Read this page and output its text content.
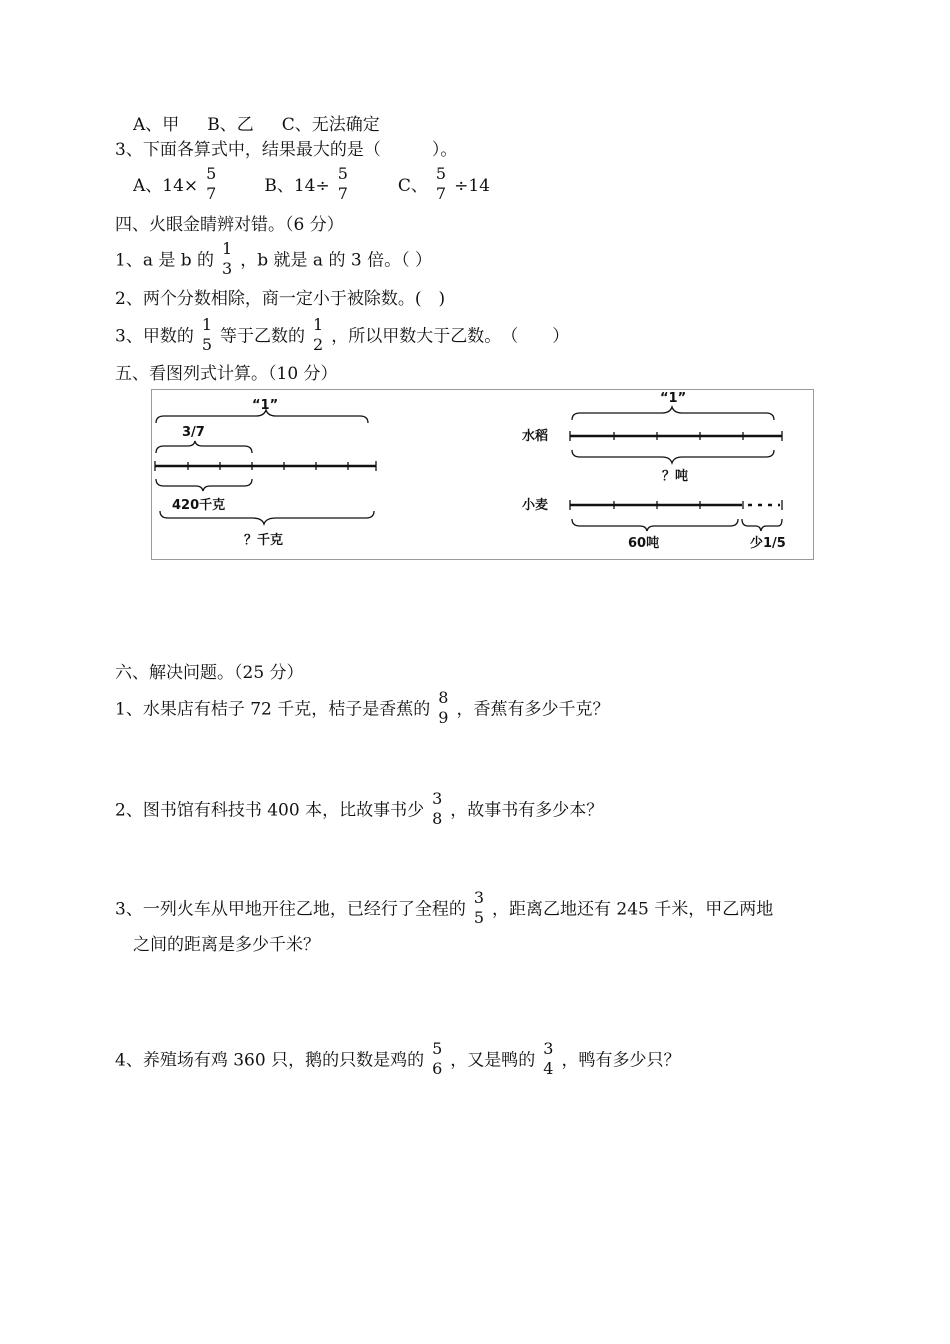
A、甲 B、乙 C、无法确定
3、下面各算式中，结果最大的是（　　　）。
A、14×
5
7	B、14÷
5
7	C、
5
7 ÷14
四、火眼金睛辨对错。（6 分）
1、a 是 b 的
1
3 ，b 就是 a 的 3 倍。（ ）
2、两个分数相除，商一定小于被除数。(　)
3、甲数的
1
5 等于乙数的
1
2 ，所以甲数大于乙数。　（　　）
五、看图列式计算。（10 分）
“1”
3/7
420千克
？千克
“1”
水稻
？吨
小麦
60吨	少1/5
六、解决问题。（25 分）
1、水果店有桔子 72 千克，桔子是香蕉的
8
9 ，香蕉有多少千克？
2、图书馆有科技书 400 本，比故事书少
3
8 ，故事书有多少本？
3、一列火车从甲地开往乙地，已经行了全程的
3
5 ，距离乙地还有 245 千米，甲乙两地
之间的距离是多少千米？
4、养殖场有鸡 360 只，鹅的只数是鸡的
5
6 ，又是鸭的
3
4 ，鸭有多少只？
